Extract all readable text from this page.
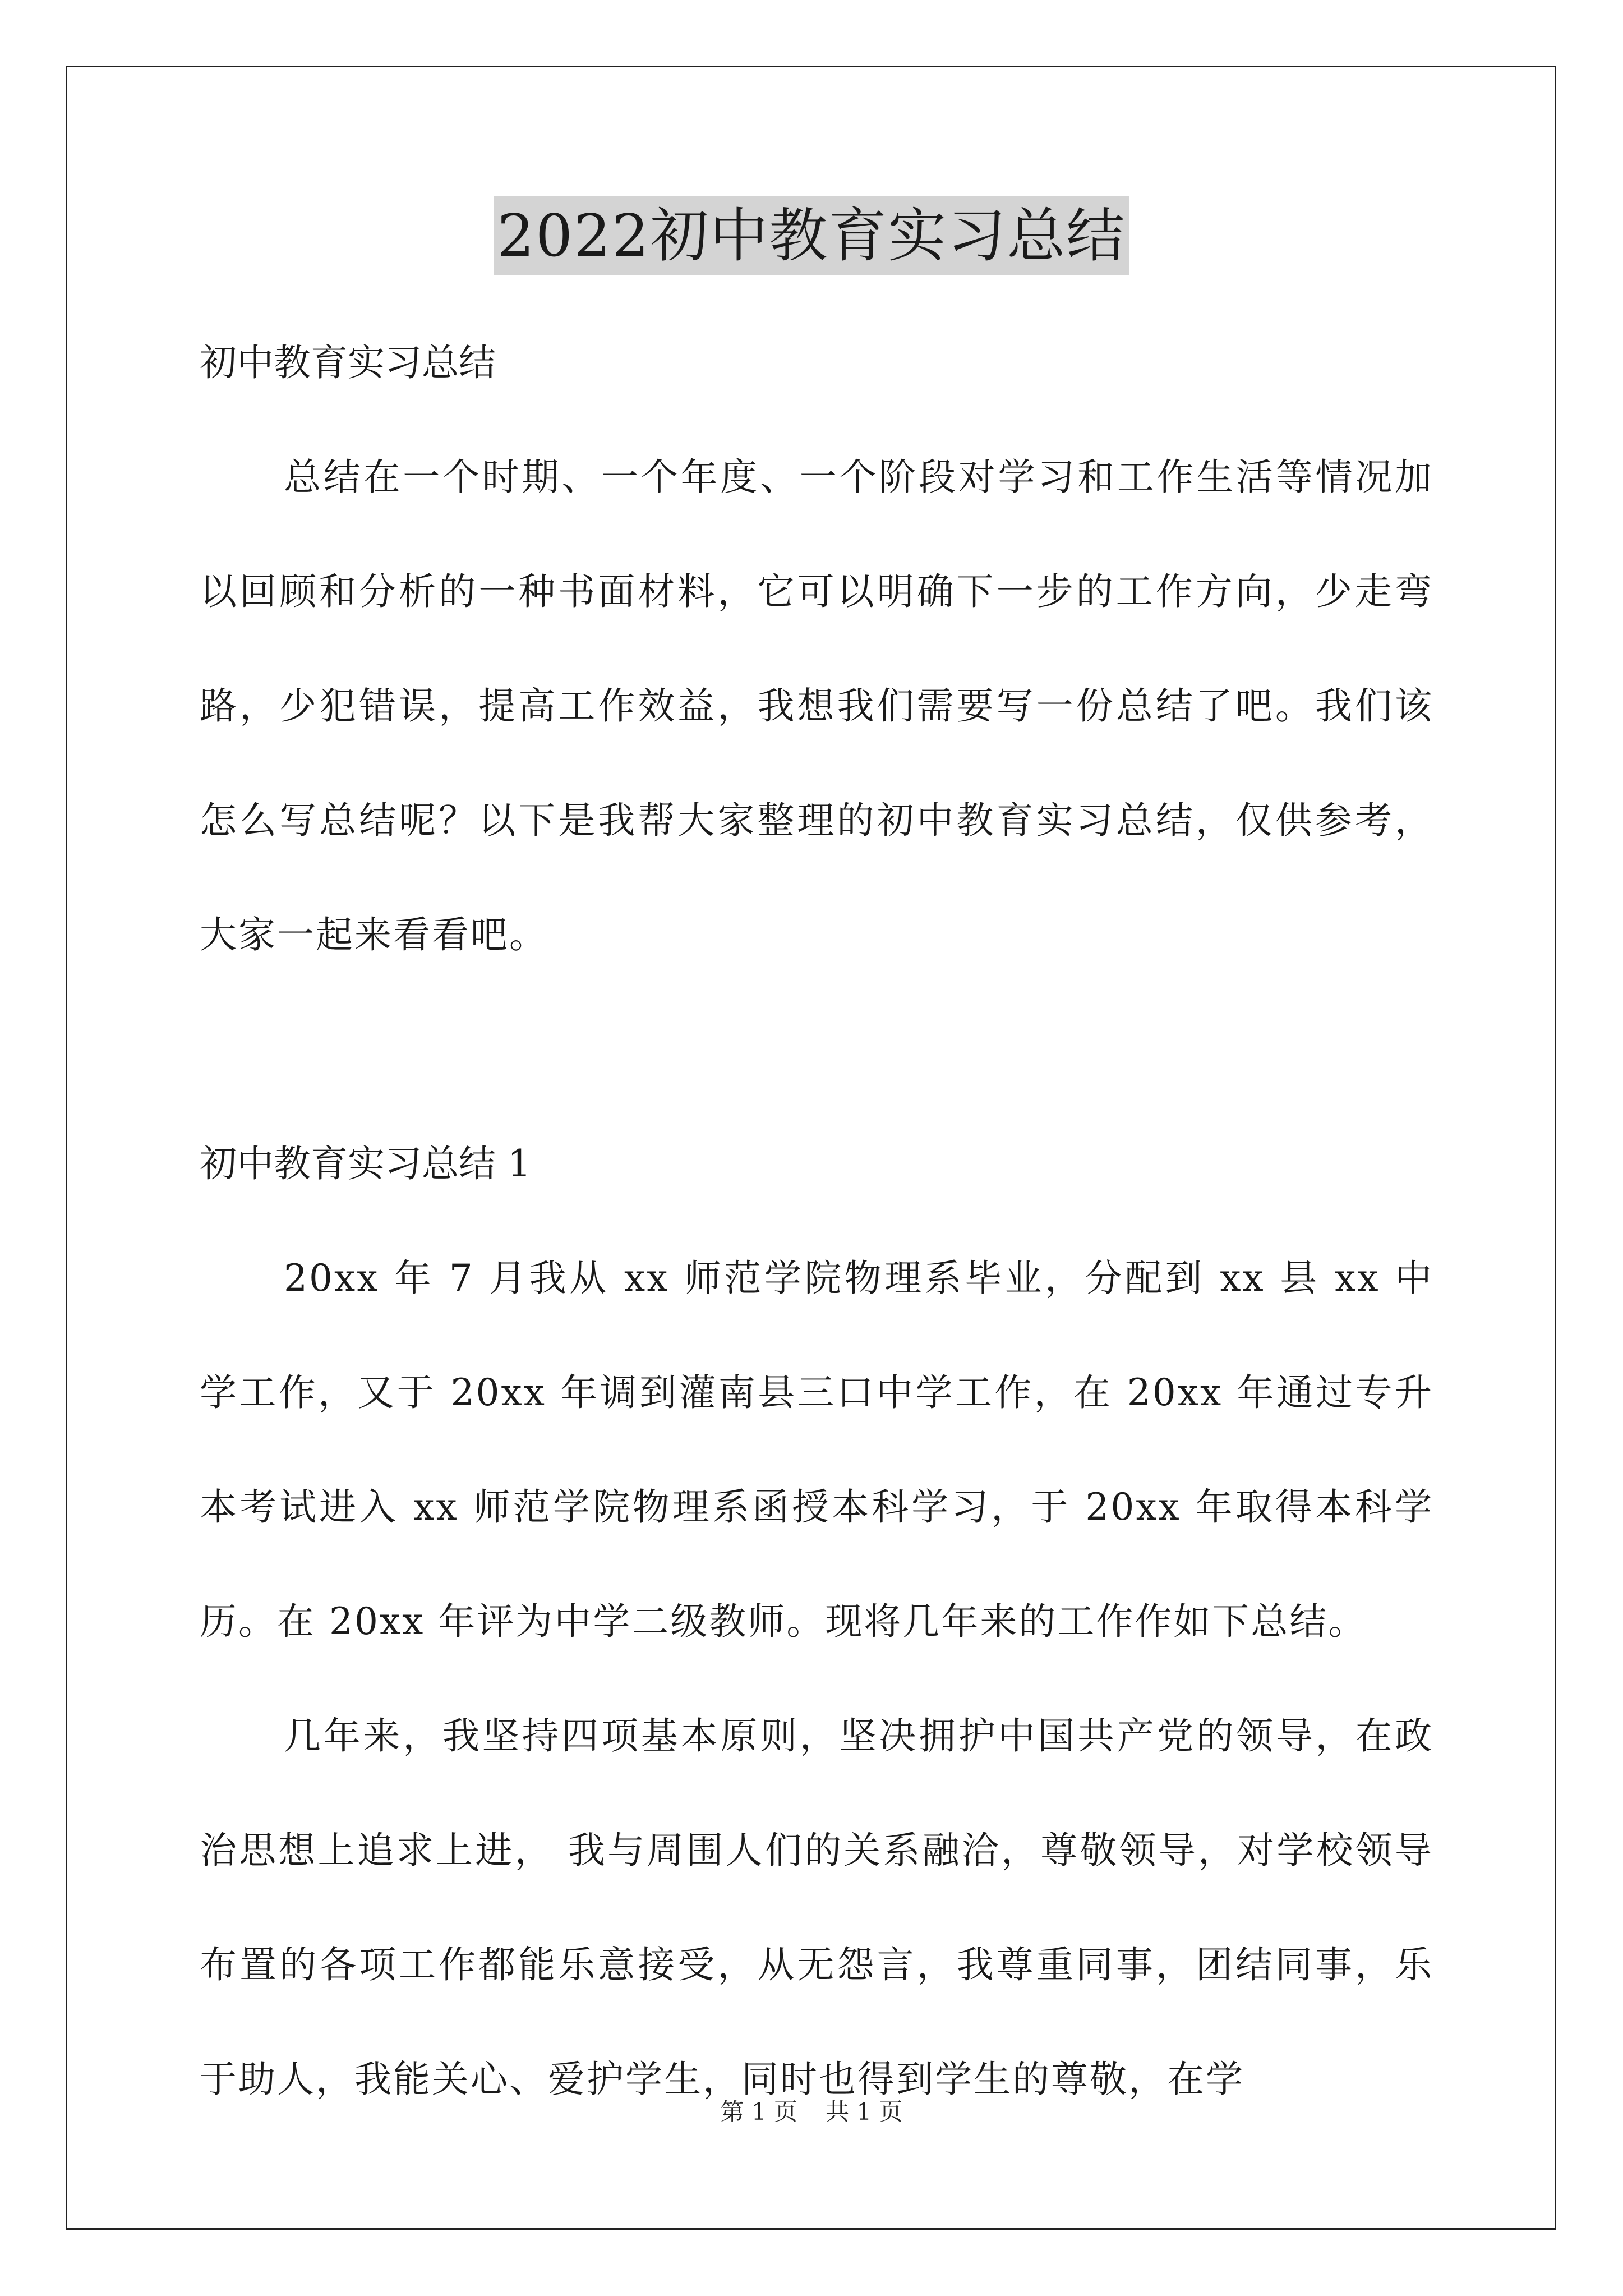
2022初中教育实习总结

初中教育实习总结

总结在一个时期、一个年度、一个阶段对学习和工作生活等情况加以回顾和分析的一种书面材料，它可以明确下一步的工作方向，少走弯路，少犯错误，提高工作效益，我想我们需要写一份总结了吧。我们该怎么写总结呢？以下是我帮大家整理的初中教育实习总结，仅供参考，大家一起来看看吧。

初中教育实习总结 1

20xx 年 7 月我从 xx 师范学院物理系毕业，分配到 xx 县 xx 中学工作，又于 20xx 年调到灌南县三口中学工作，在 20xx 年通过专升本考试进入 xx 师范学院物理系函授本科学习，于 20xx 年取得本科学历。在 20xx 年评为中学二级教师。现将几年来的工作作如下总结。

几年来，我坚持四项基本原则，坚决拥护中国共产党的领导，在政治思想上追求上进， 我与周围人们的关系融洽，尊敬领导，对学校领导布置的各项工作都能乐意接受，从无怨言，我尊重同事，团结同事，乐于助人，我能关心、爱护学生，同时也得到学生的尊敬，在学

第 1 页 共 1 页
